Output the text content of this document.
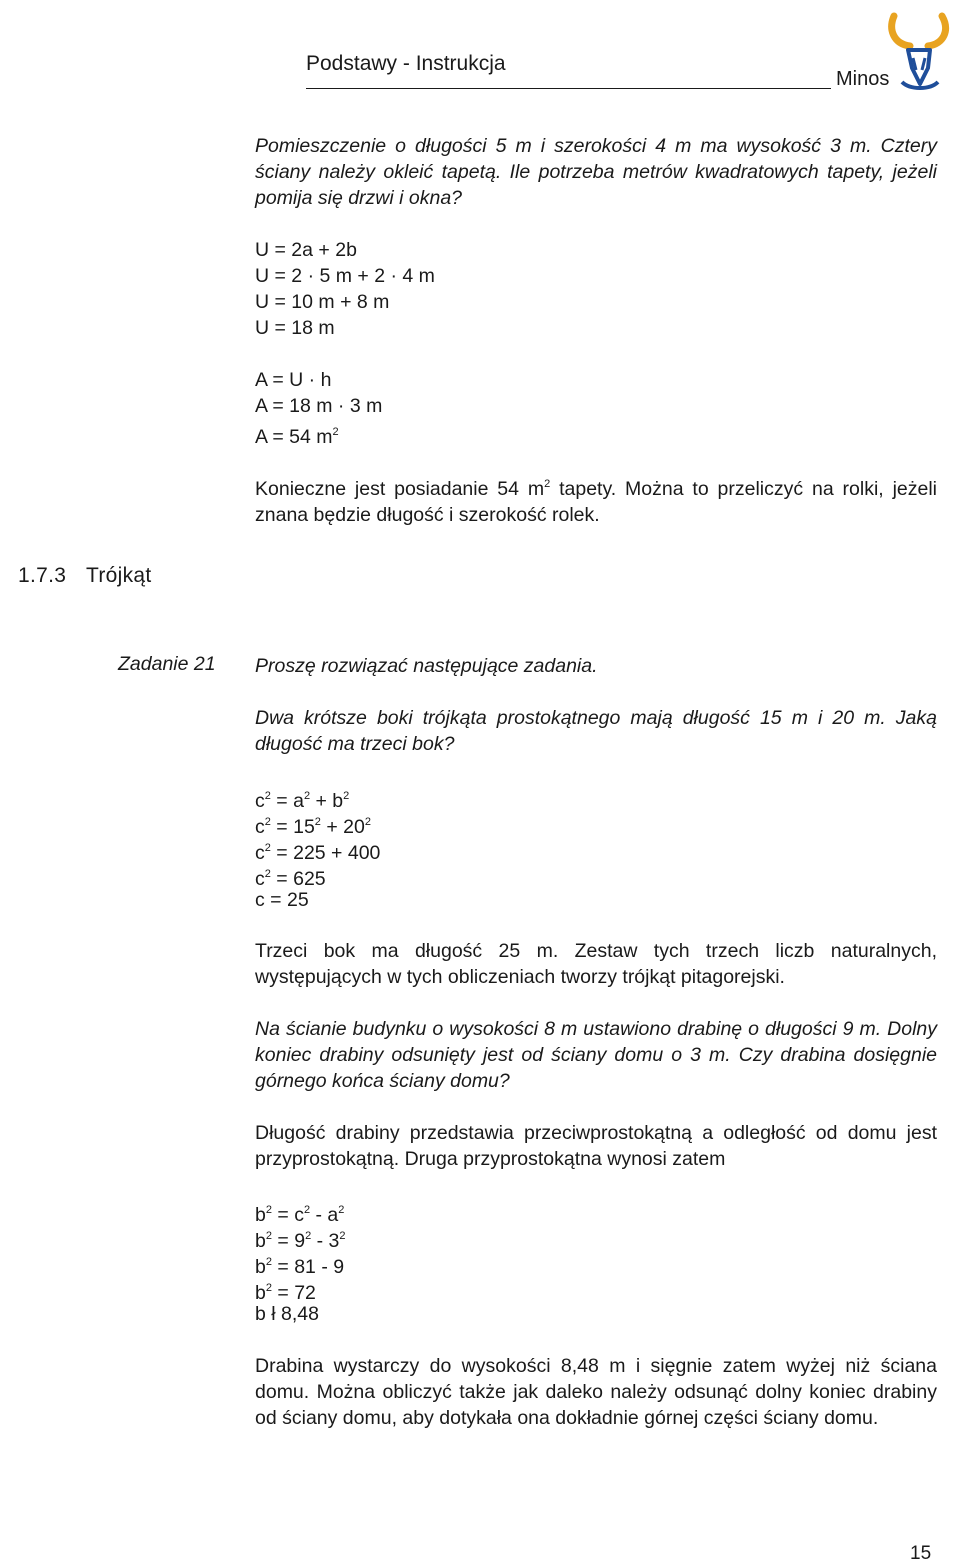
Podstawy - Instrukcja
Minos
Pomieszczenie o długości 5 m i szerokości 4 m ma wysokość 3 m. Cztery ściany należy okleić tapetą. Ile potrzeba metrów kwadratowych tapety, jeżeli pomija się drzwi i okna?
U = 2a + 2b
U = 2 · 5 m + 2 · 4 m
U = 10 m + 8 m
U = 18 m
A = U · h
A = 18 m · 3 m
A = 54 $m^2$
Konieczne jest posiadanie 54 $m^2$ tapety. Można to przeliczyć na rolki, jeżeli znana będzie długość i szerokość rolek.
1.7.3 Trójkąt
Zadanie 21 Proszę rozwiązać następujące zadania.
Dwa krótsze boki trójkąta prostokątnego mają długość 15 m i 20 m. Jaką długość ma trzeci bok?
$c^2 = a^2 + b^2$
$c^2 = 15^2 + 20^2$
$c^2 = 225 + 400$
$c^2 = 625$
c = 25
Trzeci bok ma długość 25 m. Zestaw tych trzech liczb naturalnych, występujących w tych obliczeniach tworzy trójkąt pitagorejski.
Na ścianie budynku o wysokości 8 m ustawiono drabinę o długości 9 m. Dolny koniec drabiny odsunięty jest od ściany domu o 3 m. Czy drabina dosięgnie górnego końca ściany domu?
Długość drabiny przedstawia przeciwprostokątną a odległość od domu jest przyprostokątną. Druga przyprostokątna wynosi zatem
$b^2 = c^2 - a^2$
$b^2 = 9^2 - 3^2$
$b^2 = 81 - 9$
$b^2 = 72$
b ł 8,48
Drabina wystarczy do wysokości 8,48 m i sięgnie zatem wyżej niż ściana domu. Można obliczyć także jak daleko należy odsunąć dolny koniec drabiny od ściany domu, aby dotykała ona dokładnie górnej części ściany domu.
15
